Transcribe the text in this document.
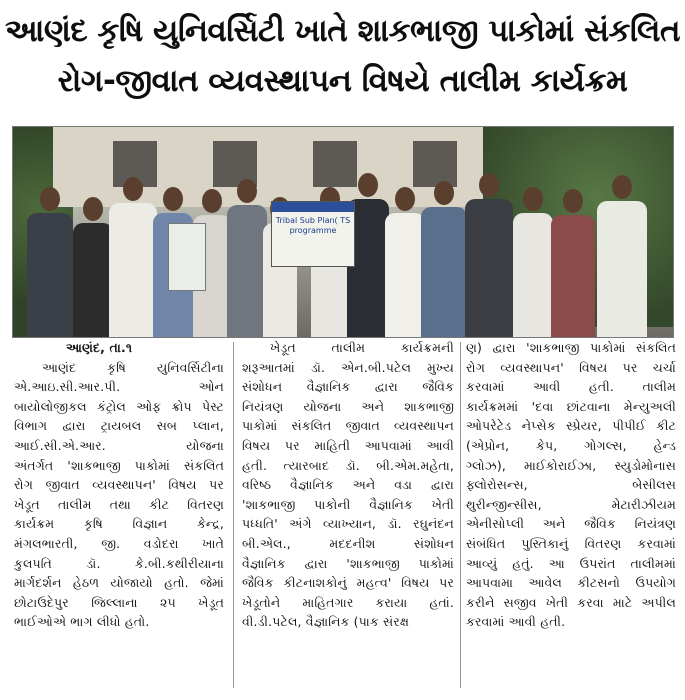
આણંદ કૃષિ યુનિવર્સિટી ખાતે શાકભાજી પાકોમાં સંકલિત
રોગ-જીવાત વ્યવસ્થાપન વિષયે તાલીમ કાર્યક્રમ
Tribal Sub Plan( TS
programme

આણંદ, તા.૧

આણંદ કૃષિ યુનિવર્સિટીના

એ.આઇ.સી.આર.પી. ઓન

બાયોલોજીકલ કંટ્રોલ ઓફ ક્રોપ પેસ્ટ

વિભાગ દ્વારા ટ્રાયબલ સબ પ્લાન,

આઈ.સી.એ.આર. યોજના

અંતર્ગત 'શાકભાજી પાકોમાં સંકલિત

રોગ જીવાત વ્યવસ્થાપન' વિષય પર

ખેડૂત તાલીમ તથા કીટ વિતરણ

કાર્યક્રમ કૃષિ વિજ્ઞાન કેન્દ્ર,

મંગલભારતી, જી. વડોદરા ખાતે

કુલપતિ ડૉ. કે.બી.કથીરીયાના

માર્ગદર્શન હેઠળ યોજાયો હતો. જેમાં

છોટાઉદેપુર જિલ્લાના ૨૫ ખેડૂત

ભાઈઓએ ભાગ લીધો હતો.

ખેડૂત તાલીમ કાર્યક્રમની

શરૂઆતમાં ડૉ. એન.બી.પટેલ મુખ્ય

સંશોધન વૈજ્ઞાનિક દ્વારા જૈવિક

નિયંત્રણ યોજના અને શાકભાજી

પાકોમાં સંકલિત જીવાત વ્યવસ્થાપન

વિષય પર માહિતી આપવામાં આવી

હતી. ત્યારબાદ ડૉ. બી.એમ.મહેતા,

વરિષ્ઠ વૈજ્ઞાનિક અને વડા દ્વારા

'શાકભાજી પાકોની વૈજ્ઞાનિક ખેતી

પધ્ધતિ' અંગે વ્યાખ્યાન, ડૉ. રઘુનંદન

બી.એલ., મદદનીશ સંશોધન

વૈજ્ઞાનિક દ્વારા 'શાકભાજી પાકોમાં

જૈવિક કીટનાશકોનું મહત્વ' વિષય પર

ખેડૂતોને માહિતગાર કરાયા હતાં.

વી.ડી.પટેલ, વૈજ્ઞાનિક (પાક સંરક્ષ

ણ) દ્વારા 'શાકભાજી પાકોમાં સંકલિત

રોગ વ્યવસ્થાપન' વિષય પર ચર્ચા

કરવામાં આવી હતી. તાલીમ

કાર્યક્રમમાં 'દવા છાંટવાના મેન્યુઅલી

ઓપરેટેડ નેપ્સેક સ્પ્રેયર, પીપીઈ કીટ

(એપ્રોન, કેપ, ગોગલ્સ, હેન્ડ

ગ્લોઝ), માઈકોરાઈઝા, સ્યુડોમોનાસ

ફ્લોરોસન્સ, બેસીલસ

થુરીન્જીન્સીસ, મેટારીઝીયમ

એનીસોપ્લી અને જૈવિક નિયંત્રણ

સંબંધિત પુસ્તિકાનું વિતરણ કરવામાં

આવ્યું હતું. આ ઉપરાંત તાલીમમાં

આપવામા આવેલ કીટસનો ઉપયોગ

કરીને સજીવ ખેતી કરવા માટે અપીલ

કરવામાં આવી હતી.
